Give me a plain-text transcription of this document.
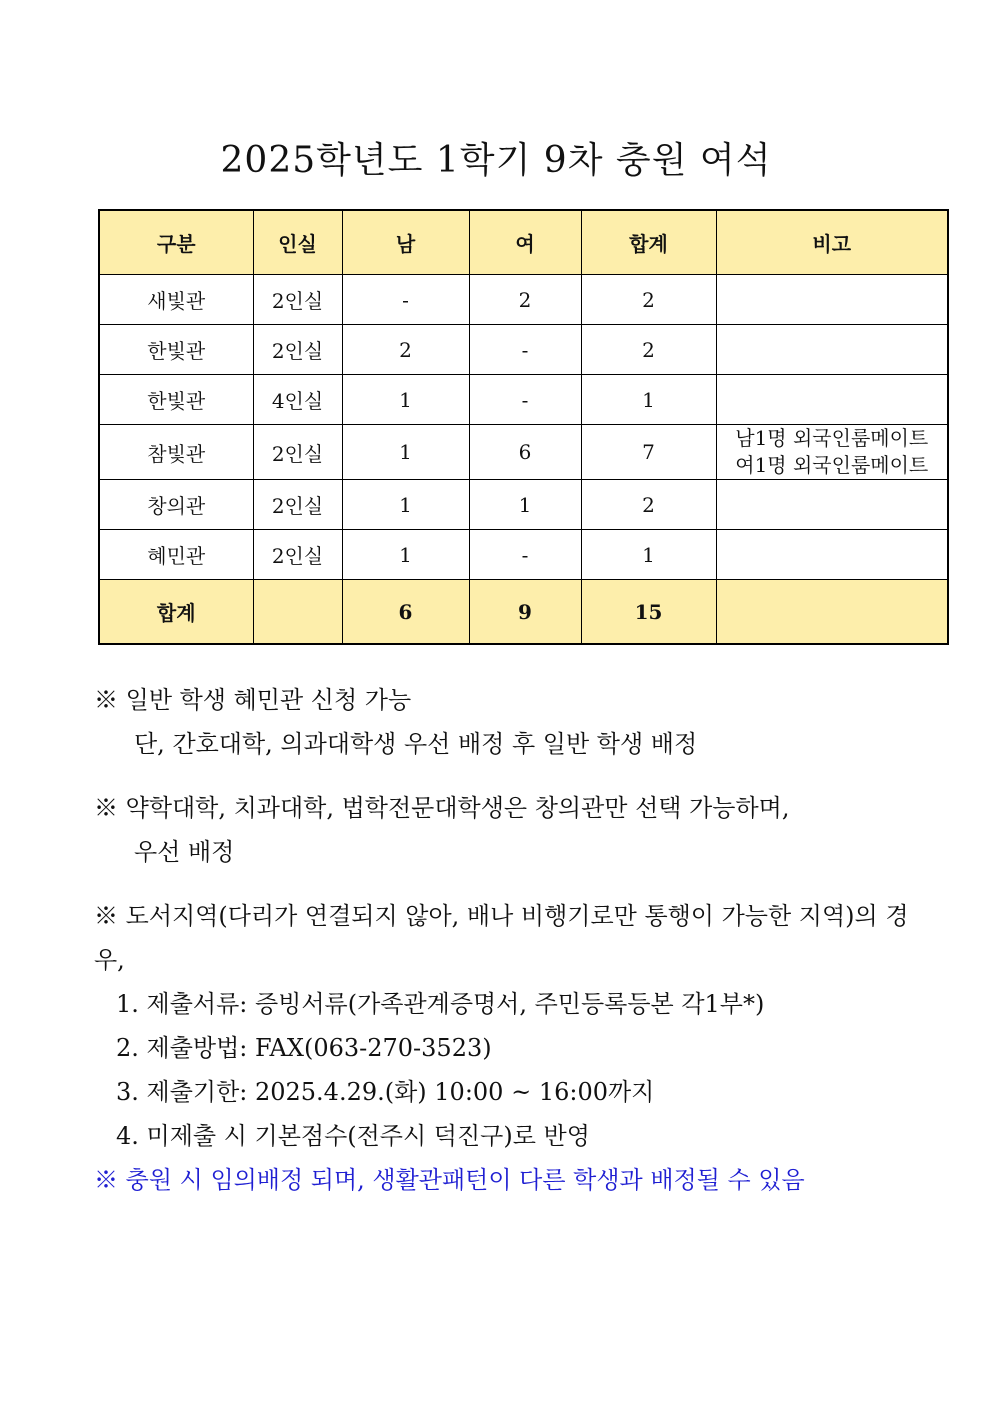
2025학년도 1학기 9차 충원 여석
구분	인실	남	여	합계	비고
새빛관	2인실	-	2	2	
한빛관	2인실	2	-	2	
한빛관	4인실	1	-	1	
참빛관	2인실	1	6	7	남1명 외국인룸메이트
여1명 외국인룸메이트

창의관	2인실	1	1	2	
혜민관	2인실	1	-	1	
합계		6	9	15	

※ 일반 학생 혜민관 신청 가능

단, 간호대학, 의과대학생 우선 배정 후 일반 학생 배정

※ 약학대학, 치과대학, 법학전문대학생은 창의관만 선택 가능하며,

우선 배정

※ 도서지역(다리가 연결되지 않아, 배나 비행기로만 통행이 가능한 지역)의 경우,

1. 제출서류: 증빙서류(가족관계증명서, 주민등록등본 각1부*)

2. 제출방법: FAX(063-270-3523)

3. 제출기한: 2025.4.29.(화) 10:00 ~ 16:00까지

4. 미제출 시 기본점수(전주시 덕진구)로 반영

※ 충원 시 임의배정 되며, 생활관패턴이 다른 학생과 배정될 수 있음
